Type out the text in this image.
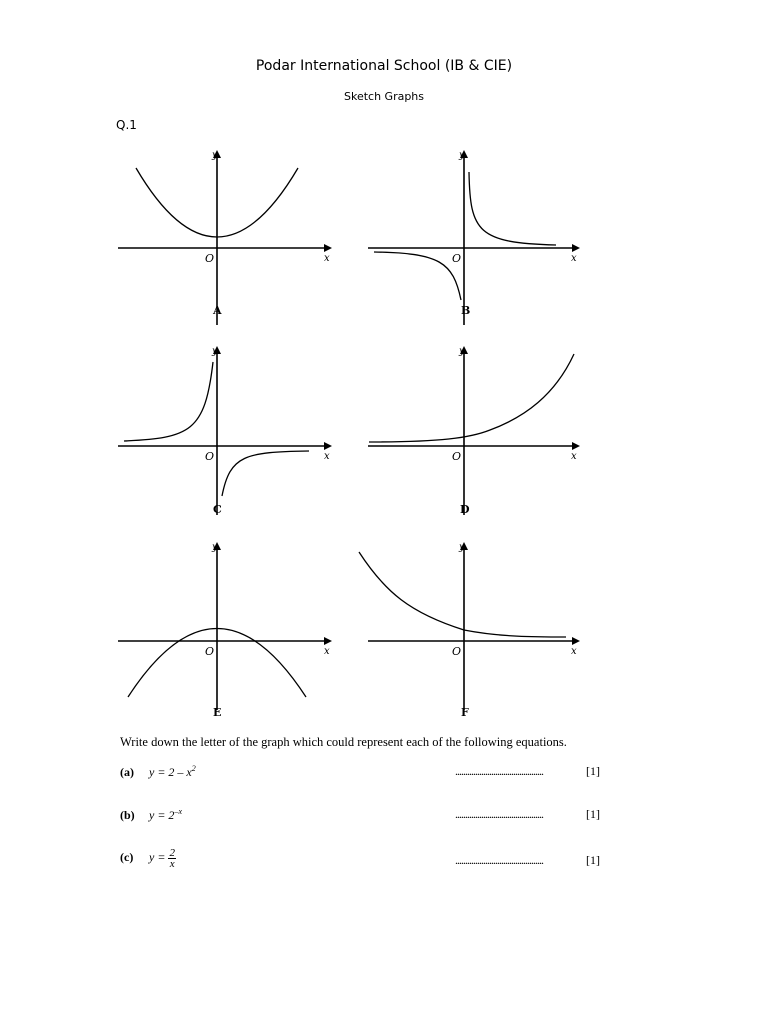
Podar International School (IB & CIE)
Sketch Graphs
Q.1
y
x
O
A
y
x
O
B
y
x
O
C
y
x
O
D
y
x
O
E
y
x
O
F
Write down the letter of the graph which could represent each of the following equations.
(a) $y = 2 - x^2$	............................................	[1]
(b) $y = 2^{-x}$	............................................	[1]
(c) $y = \frac{2}{x}$	............................................	[1]
